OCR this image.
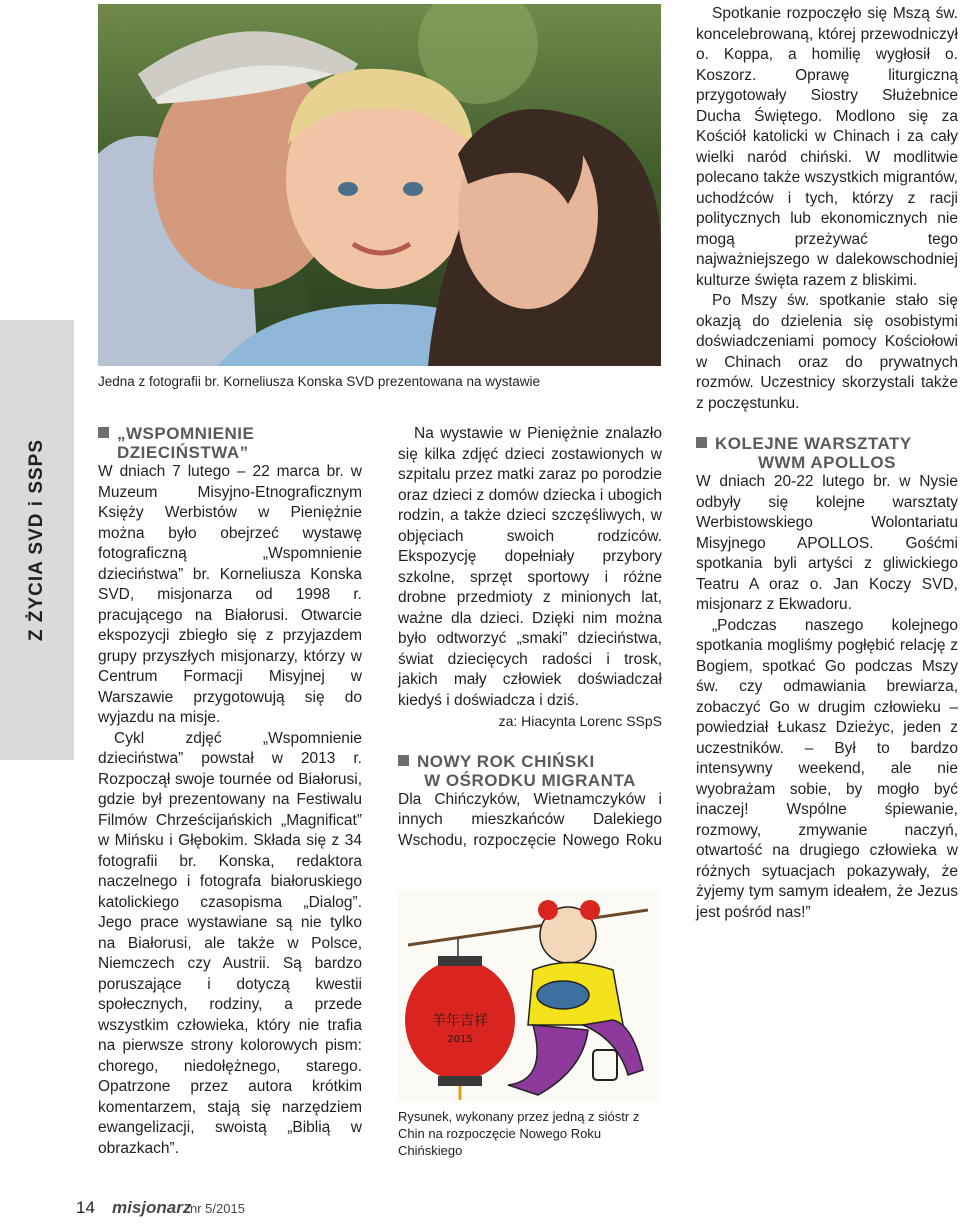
Z ŻYCIA SVD i SSPS
Jedna z fotografii br. Korneliusza Konska SVD prezentowana na wystawie
„WSPOMNIENIE
DZIECIŃSTWA”

W dniach 7 lutego – 22 marca br. w Muzeum Misyjno-Etnograficznym Księży Werbistów w Pieniężnie można było obejrzeć wystawę fotograficzną „Wspomnienie dzieciństwa” br. Korneliusza Konska SVD, misjonarza od 1998 r. pracującego na Białorusi. Otwarcie ekspozycji zbiegło się z przyjazdem grupy przyszłych misjonarzy, którzy w Centrum Formacji Misyjnej w Warszawie przygotowują się do wyjazdu na misje.

Cykl zdjęć „Wspomnienie dzieciństwa” powstał w 2013 r. Rozpoczął swoje tournée od Białorusi, gdzie był prezentowany na Festiwalu Filmów Chrześcijańskich „Magnificat” w Mińsku i Głębokim. Składa się z 34 fotografii br. Konska, redaktora naczelnego i fotografa białoruskiego katolickiego czasopisma „Dialog”. Jego prace wystawiane są nie tylko na Białorusi, ale także w Polsce, Niemczech czy Austrii. Są bardzo poruszające i dotyczą kwestii społecznych, rodziny, a przede wszystkim człowieka, który nie trafia na pierwsze strony kolorowych pism: chorego, niedołężnego, starego. Opatrzone przez autora krótkim komentarzem, stają się narzędziem ewangelizacji, swoistą „Biblią w obrazkach”.

Na wystawie w Pieniężnie znalazło się kilka zdjęć dzieci zostawionych w szpitalu przez matki zaraz po porodzie oraz dzieci z domów dziecka i ubogich rodzin, a także dzieci szczęśliwych, w objęciach swoich rodziców. Ekspozycję dopełniały przybory szkolne, sprzęt sportowy i różne drobne przedmioty z minionych lat, ważne dla dzieci. Dzięki nim można było odtworzyć „smaki” dzieciństwa, świat dziecięcych radości i trosk, jakich mały człowiek doświadczał kiedyś i doświadcza i dziś.

za: Hiacynta Lorenc SSpS
NOWY ROK CHIŃSKI
W OŚRODKU MIGRANTA

Dla Chińczyków, Wietnamczyków i innych mieszkańców Dalekiego Wschodu, rozpoczęcie Nowego Roku

羊年吉祥
2015
Rysunek, wykonany przez jedną z sióstr z Chin na rozpoczęcie Nowego Roku Chińskiego

Spotkanie rozpoczęło się Mszą św. koncelebrowaną, której przewodniczył o. Koppa, a homilię wygłosił o. Koszorz. Oprawę liturgiczną przygotowały Siostry Służebnice Ducha Świętego. Modlono się za Kościół katolicki w Chinach i za cały wielki naród chiński. W modlitwie polecano także wszystkich migrantów, uchodźców i tych, którzy z racji politycznych lub ekonomicznych nie mogą przeżywać tego najważniejszego w dalekowschodniej kulturze święta razem z bliskimi.

Po Mszy św. spotkanie stało się okazją do dzielenia się osobistymi doświadczeniami pomocy Kościołowi w Chinach oraz do prywatnych rozmów. Uczestnicy skorzystali także z poczęstunku.

KOLEJNE WARSZTATY
WWM APOLLOS

W dniach 20-22 lutego br. w Nysie odbyły się kolejne warsztaty Werbistowskiego Wolontariatu Misyjnego APOLLOS. Gośćmi spotkania byli artyści z gliwickiego Teatru A oraz o. Jan Koczy SVD, misjonarz z Ekwadoru.

„Podczas naszego kolejnego spotkania mogliśmy pogłębić relację z Bogiem, spotkać Go podczas Mszy św. czy odmawiania brewiarza, zobaczyć Go w drugim człowieku – powiedział Łukasz Dzieżyc, jeden z uczestników. – Był to bardzo intensywny weekend, ale nie wyobrażam sobie, by mogło być inaczej! Wspólne śpiewanie, rozmowy, zmywanie naczyń, otwartość na drugiego człowieka w różnych sytuacjach pokazywały, że żyjemy tym samym ideałem, że Jezus jest pośród nas!”

14 misjonarz
nr 5/2015
